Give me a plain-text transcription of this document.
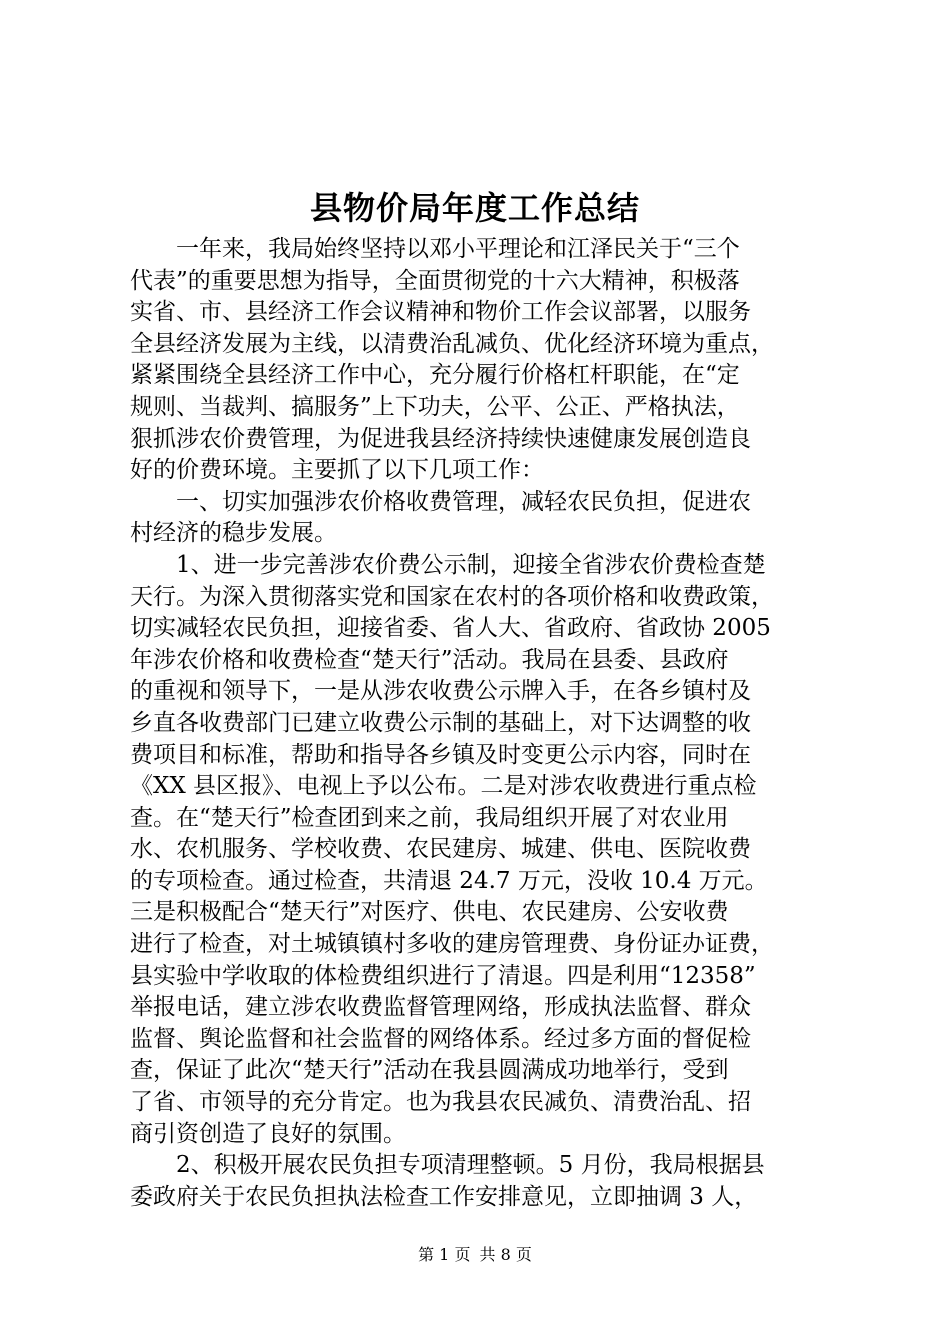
县物价局年度工作总结
　　一年来，我局始终坚持以邓小平理论和江泽民关于“三个
代表”的重要思想为指导，全面贯彻党的十六大精神，积极落
实省、市、县经济工作会议精神和物价工作会议部署，以服务
全县经济发展为主线，以清费治乱减负、优化经济环境为重点，
紧紧围绕全县经济工作中心，充分履行价格杠杆职能，在“定
规则、当裁判、搞服务”上下功夫，公平、公正、严格执法，
狠抓涉农价费管理，为促进我县经济持续快速健康发展创造良
好的价费环境。主要抓了以下几项工作：
　　一、切实加强涉农价格收费管理，减轻农民负担，促进农
村经济的稳步发展。
　　1、进一步完善涉农价费公示制，迎接全省涉农价费检查楚
天行。为深入贯彻落实党和国家在农村的各项价格和收费政策，
切实减轻农民负担，迎接省委、省人大、省政府、省政协 2005
年涉农价格和收费检查“楚天行”活动。我局在县委、县政府
的重视和领导下，一是从涉农收费公示牌入手，在各乡镇村及
乡直各收费部门已建立收费公示制的基础上，对下达调整的收
费项目和标准，帮助和指导各乡镇及时变更公示内容，同时在
《XX 县区报》、电视上予以公布。二是对涉农收费进行重点检
查。在“楚天行”检查团到来之前，我局组织开展了对农业用
水、农机服务、学校收费、农民建房、城建、供电、医院收费
的专项检查。通过检查，共清退 24.7 万元，没收 10.4 万元。
三是积极配合“楚天行”对医疗、供电、农民建房、公安收费
进行了检查，对土城镇镇村多收的建房管理费、身份证办证费，
县实验中学收取的体检费组织进行了清退。四是利用“12358”
举报电话，建立涉农收费监督管理网络，形成执法监督、群众
监督、舆论监督和社会监督的网络体系。经过多方面的督促检
查，保证了此次“楚天行”活动在我县圆满成功地举行，受到
了省、市领导的充分肯定。也为我县农民减负、清费治乱、招
商引资创造了良好的氛围。
　　2、积极开展农民负担专项清理整顿。5 月份，我局根据县
委政府关于农民负担执法检查工作安排意见，立即抽调 3 人，
第 1 页 共 8 页
